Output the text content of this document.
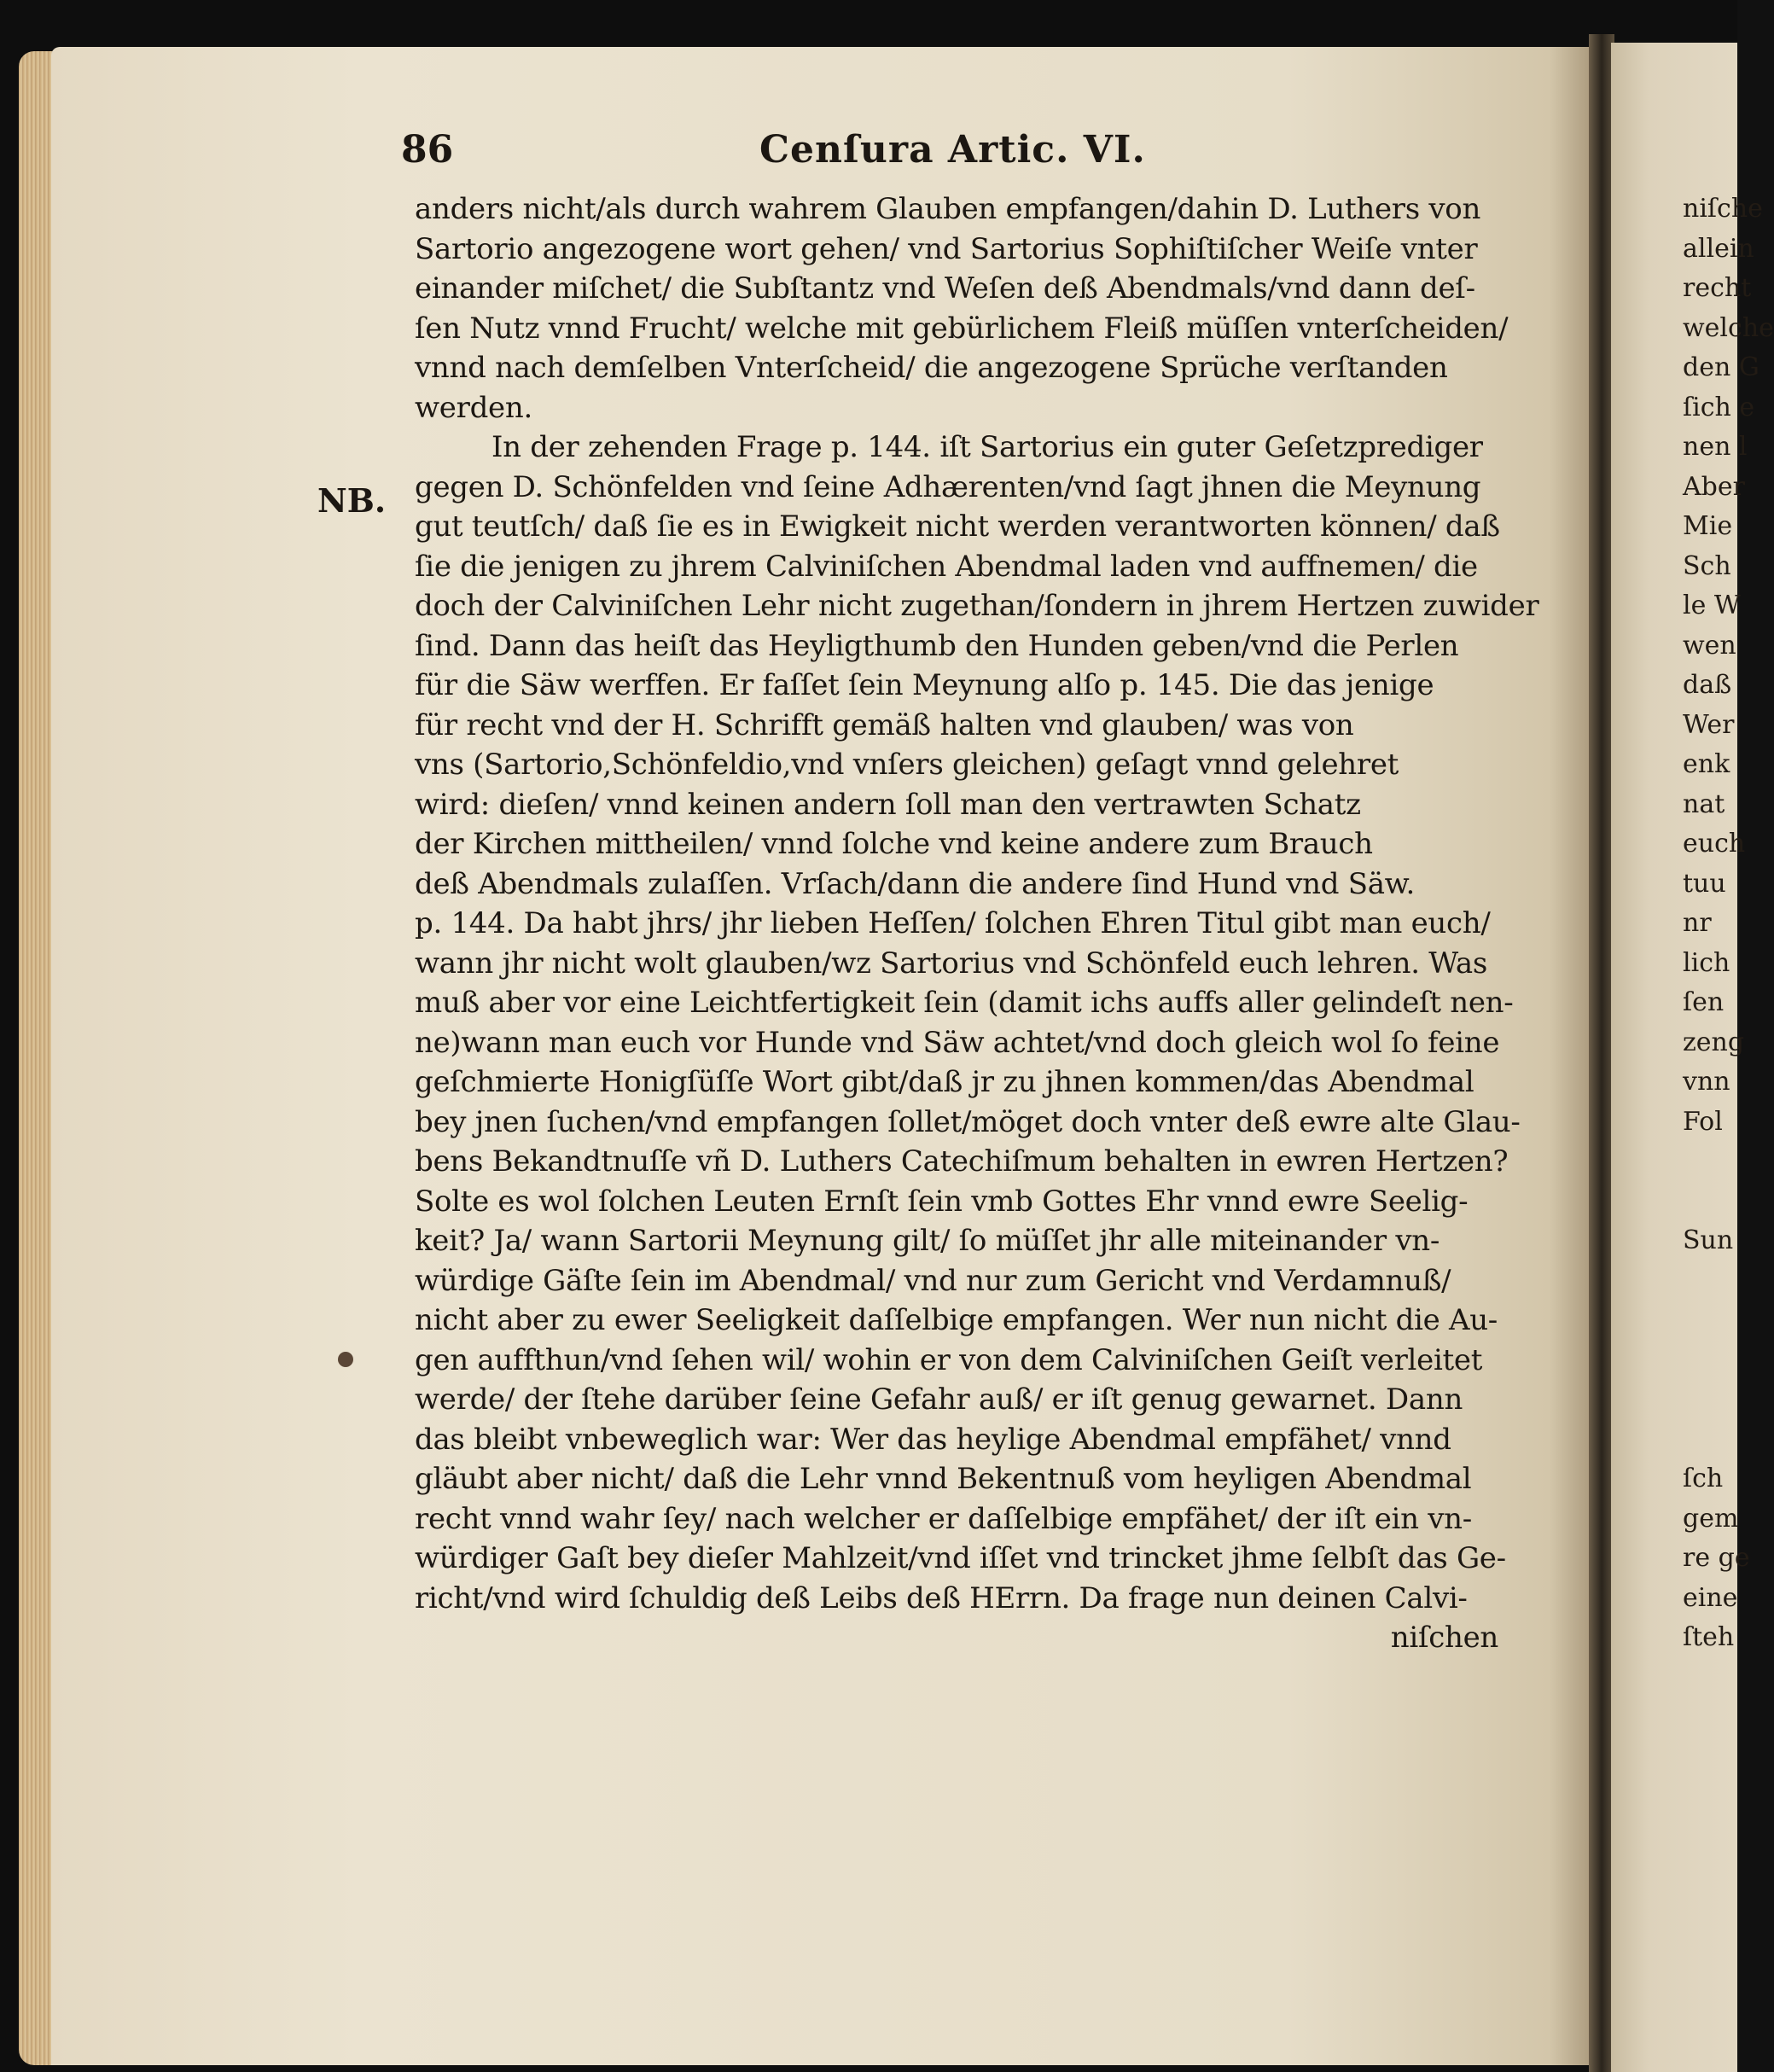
86	Cenſura Artic. VI.
NB.
anders nicht/als durch wahrem Glauben empfangen/dahin D. Luthers von
Sartorio angezogene wort gehen/ vnd Sartorius Sophiſtiſcher Weiſe vnter
einander miſchet/ die Subſtantz vnd Weſen deß Abendmals/vnd dann deſ-
ſen Nutz vnnd Frucht/ welche mit gebürlichem Fleiß müſſen vnterſcheiden/
vnnd nach demſelben Vnterſcheid/ die angezogene Sprüche verſtanden
werden.
In der zehenden Frage p. 144. iſt Sartorius ein guter Geſetzprediger
gegen D. Schönfelden vnd ſeine Adhærenten/vnd ſagt jhnen die Meynung
gut teutſch/ daß ſie es in Ewigkeit nicht werden verantworten können/ daß
ſie die jenigen zu jhrem Calviniſchen Abendmal laden vnd auffnemen/ die
doch der Calviniſchen Lehr nicht zugethan/ſondern in jhrem Hertzen zuwider
ſind. Dann das heiſt das Heyligthumb den Hunden geben/vnd die Perlen
für die Säw werffen. Er faſſet ſein Meynung alſo p. 145. Die das jenige
für recht vnd der H. Schrifft gemäß halten vnd glauben/ was von
vns (Sartorio,Schönfeldio,vnd vnſers gleichen) geſagt vnnd gelehret
wird: dieſen/ vnnd keinen andern ſoll man den vertrawten Schatz
der Kirchen mittheilen/ vnnd ſolche vnd keine andere zum Brauch
deß Abendmals zulaſſen. Vrſach/dann die andere ſind Hund vnd Säw.
p. 144. Da habt jhrs/ jhr lieben Heſſen/ ſolchen Ehren Titul gibt man euch/
wann jhr nicht wolt glauben/wz Sartorius vnd Schönfeld euch lehren. Was
muß aber vor eine Leichtfertigkeit ſein (damit ichs auffs aller gelindeſt nen-
ne)wann man euch vor Hunde vnd Säw achtet/vnd doch gleich wol ſo feine
geſchmierte Honigſüſſe Wort gibt/daß jr zu jhnen kommen/das Abendmal
bey jnen ſuchen/vnd empfangen ſollet/möget doch vnter deß ewre alte Glau-
bens Bekandtnuſſe vñ D. Luthers Catechiſmum behalten in ewren Hertzen?
Solte es wol ſolchen Leuten Ernſt ſein vmb Gottes Ehr vnnd ewre Seelig-
keit? Ja/ wann Sartorii Meynung gilt/ ſo müſſet jhr alle miteinander vn-
würdige Gäſte ſein im Abendmal/ vnd nur zum Gericht vnd Verdamnuß/
nicht aber zu ewer Seeligkeit daſſelbige empfangen. Wer nun nicht die Au-
gen auffthun/vnd ſehen wil/ wohin er von dem Calviniſchen Geiſt verleitet
werde/ der ſtehe darüber ſeine Gefahr auß/ er iſt genug gewarnet. Dann
das bleibt vnbeweglich war: Wer das heylige Abendmal empfähet/ vnnd
gläubt aber nicht/ daß die Lehr vnnd Bekentnuß vom heyligen Abendmal
recht vnnd wahr ſey/ nach welcher er daſſelbige empfähet/ der iſt ein vn-
würdiger Gaſt bey dieſer Mahlzeit/vnd iſſet vnd trincket jhme ſelbſt das Ge-
richt/vnd wird ſchuldig deß Leibs deß HErrn. Da frage nun deinen Calvi-
niſchen
niſche
allein
recht
welche
den G
ſich e
nen l
Aber
Mie
Sch
le W
wen
daß
Wer
enk
nat
euch
tuu
nr
lich
ſen
zeng
vnn
Fol
Sun
ſch
gem
re ge
eine
ſteh
